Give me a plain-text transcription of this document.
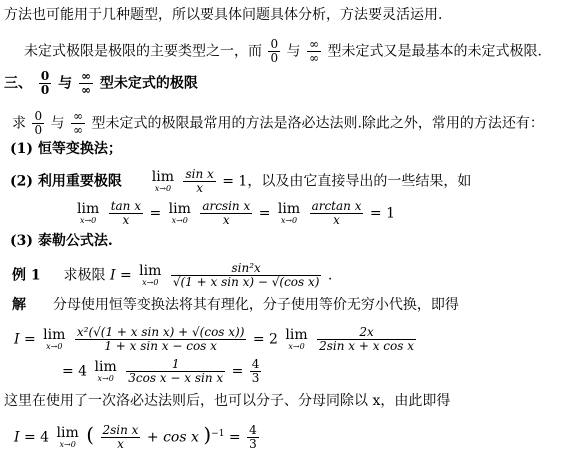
方法也可能用于几种题型，所以要具体问题具体分析，方法要灵活运用.
未定式极限是极限的主要类型之一，而 $\frac{0}{0}$ 与 $\frac{\infty}{\infty}$ 型未定式又是最基本的未定式极限.
三、 $\frac{0}{0}$ 与 $\frac{\infty}{\infty}$ 型未定式的极限
求 $\frac{0}{0}$ 与 $\frac{\infty}{\infty}$ 型未定式的极限最常用的方法是洛必达法则.除此之外，常用的方法还有：
(1) 恒等变换法；
(2) 利用重要极限 lim
x→0
$\frac{\text{sin x}}{x} = 1$，以及由它直接导出的一些结果，如
lim
x→0
$\frac{\text{tan x}}{x} = \lim$
x→0
$\frac{\text{arcsin x}}{x} = \lim$
x→0
$\frac{\text{arctan x}}{x} = 1$
(3) 泰勒公式法.
例 1 求极限 I = lim
x→0
$\frac{\text{sin²x}}{\text{√(1 + x sin x) − √(cos x)}}$ .
解 分母使用恒等变换法将其有理化，分子使用等价无穷小代换，即得
I = lim
x→0
$\frac{\text{x²(√(1 + x sin x) + √(cos x))}}{\text{1 + x sin x − cos x}} = 2$ lim
x→0
$\frac{2x}{\text{2sin x + x cos x}}$
= 4 lim
x→0
$\frac{1}{\text{3cos x − x sin x}} = \frac{4}{3}$
这里在使用了一次洛必达法则后，也可以分子、分母同除以 x，由此即得
I = 4 lim
x→0 ( $\frac{\text{2sin x}}{x} + \cos x$ )$^{-1} = \frac{4}{3}$
